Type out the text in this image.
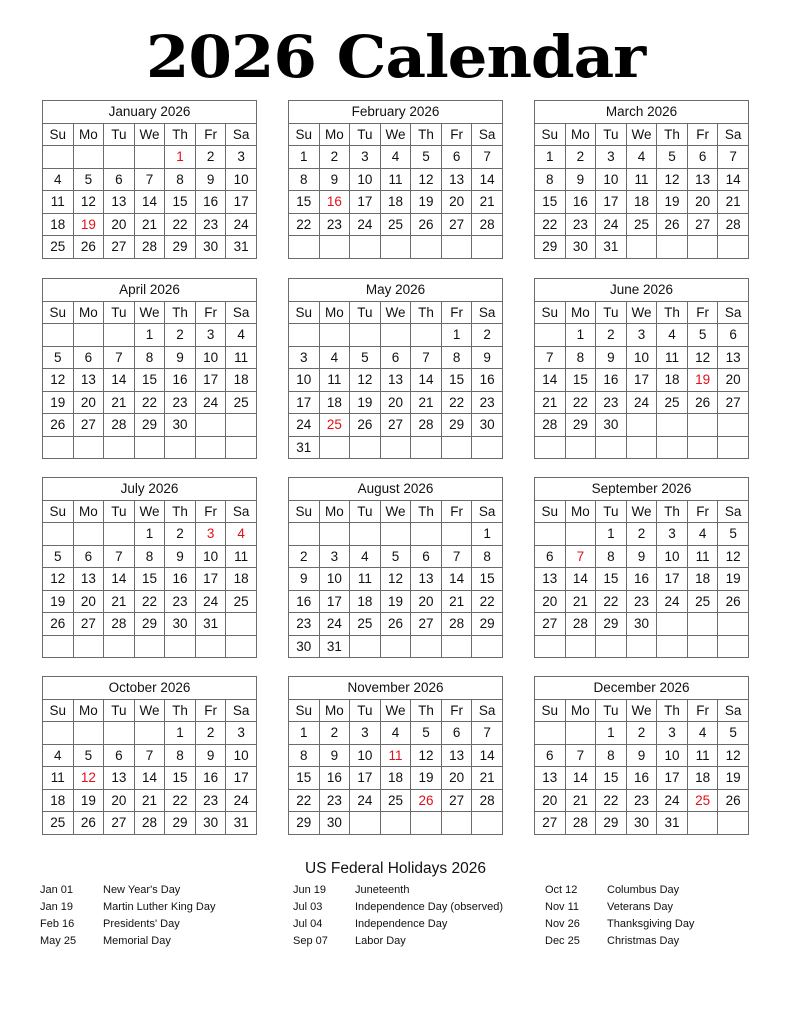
2026 Calendar
January 2026						
Su	Mo	Tu	We	Th	Fr	Sa
				1	2	3
4	5	6	7	8	9	10
11	12	13	14	15	16	17
18	19	20	21	22	23	24
25	26	27	28	29	30	31
February 2026						
Su	Mo	Tu	We	Th	Fr	Sa
1	2	3	4	5	6	7
8	9	10	11	12	13	14
15	16	17	18	19	20	21
22	23	24	25	26	27	28

March 2026						
Su	Mo	Tu	We	Th	Fr	Sa
1	2	3	4	5	6	7
8	9	10	11	12	13	14
15	16	17	18	19	20	21
22	23	24	25	26	27	28
29	30	31				
April 2026						
Su	Mo	Tu	We	Th	Fr	Sa
			1	2	3	4
5	6	7	8	9	10	11
12	13	14	15	16	17	18
19	20	21	22	23	24	25
26	27	28	29	30		

May 2026						
Su	Mo	Tu	We	Th	Fr	Sa
					1	2
3	4	5	6	7	8	9
10	11	12	13	14	15	16
17	18	19	20	21	22	23
24	25	26	27	28	29	30
31						
June 2026						
Su	Mo	Tu	We	Th	Fr	Sa
	1	2	3	4	5	6
7	8	9	10	11	12	13
14	15	16	17	18	19	20
21	22	23	24	25	26	27
28	29	30				

July 2026						
Su	Mo	Tu	We	Th	Fr	Sa
			1	2	3	4
5	6	7	8	9	10	11
12	13	14	15	16	17	18
19	20	21	22	23	24	25
26	27	28	29	30	31	

August 2026						
Su	Mo	Tu	We	Th	Fr	Sa
						1
2	3	4	5	6	7	8
9	10	11	12	13	14	15
16	17	18	19	20	21	22
23	24	25	26	27	28	29
30	31					
September 2026						
Su	Mo	Tu	We	Th	Fr	Sa
		1	2	3	4	5
6	7	8	9	10	11	12
13	14	15	16	17	18	19
20	21	22	23	24	25	26
27	28	29	30			

October 2026						
Su	Mo	Tu	We	Th	Fr	Sa
				1	2	3
4	5	6	7	8	9	10
11	12	13	14	15	16	17
18	19	20	21	22	23	24
25	26	27	28	29	30	31
November 2026						
Su	Mo	Tu	We	Th	Fr	Sa
1	2	3	4	5	6	7
8	9	10	11	12	13	14
15	16	17	18	19	20	21
22	23	24	25	26	27	28
29	30					
December 2026						
Su	Mo	Tu	We	Th	Fr	Sa
		1	2	3	4	5
6	7	8	9	10	11	12
13	14	15	16	17	18	19
20	21	22	23	24	25	26
27	28	29	30	31		
US Federal Holidays 2026
Jan 01	New Year's Day
Jan 19	Martin Luther King Day
Feb 16	Presidents' Day
May 25 Memorial Day
Jun 19	Juneteenth
Jul 03	Independence Day (observed)
Jul 04	Independence Day
Sep 07 Labor Day
Oct 12	Columbus Day
Nov 11	Veterans Day
Nov 26 Thanksgiving Day
Dec 25 Christmas Day
